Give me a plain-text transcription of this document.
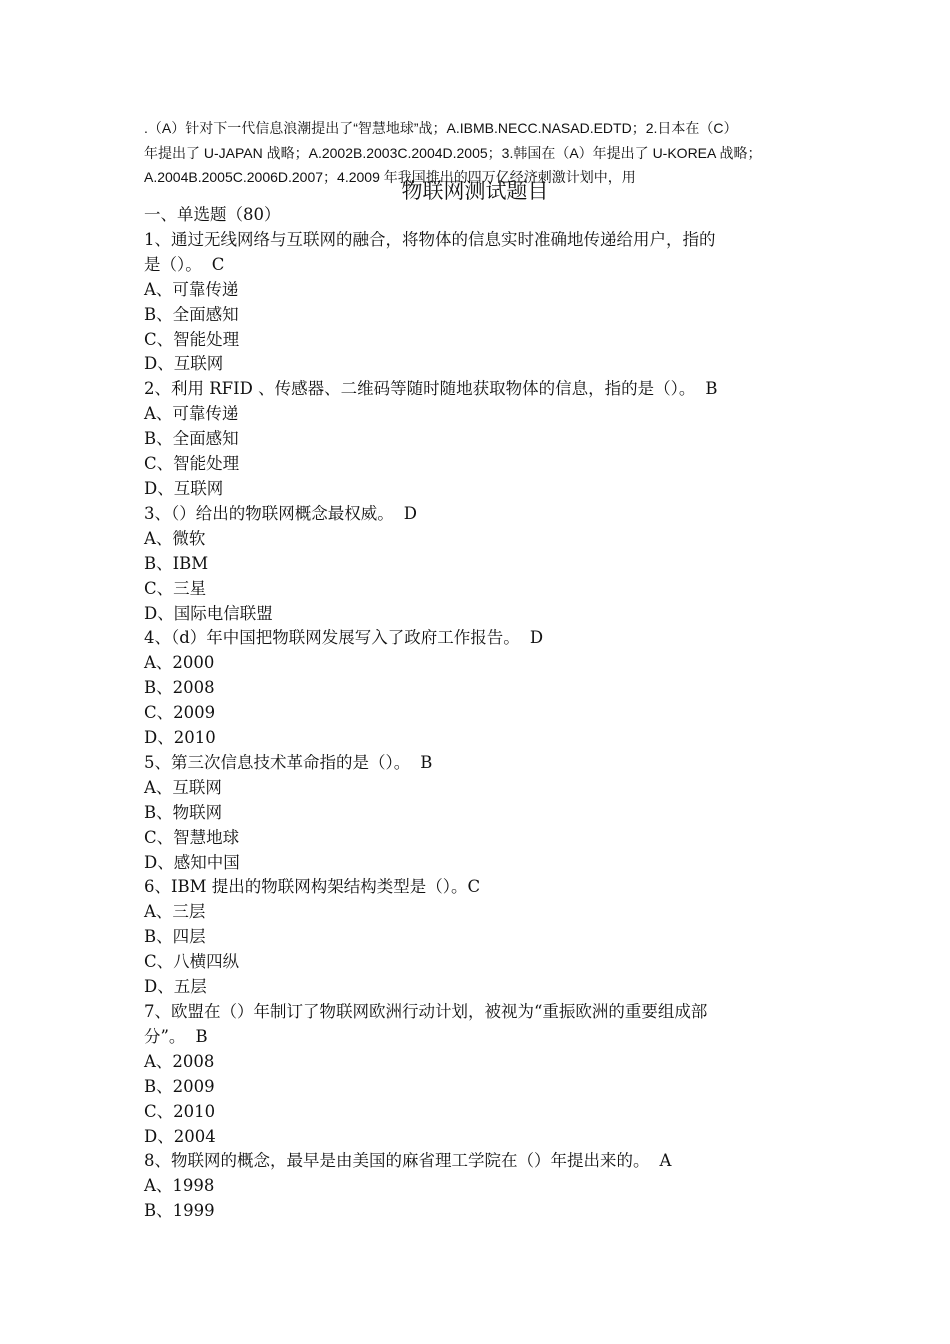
.（A）针对下一代信息浪潮提出了“智慧地球”战；A.IBMB.NECC.NASAD.EDTD；2.日本在（C）
年提出了 U-JAPAN 战略；A.2002B.2003C.2004D.2005；3.韩国在（A）年提出了 U-KOREA 战略；
A.2004B.2005C.2006D.2007；4.2009 年我国推出的四万亿经济刺激计划中，用
物联网测试题目
一、单选题（80）
1、通过无线网络与互联网的融合，将物体的信息实时准确地传递给用户，指的
是（）。 C
A、可靠传递
B、全面感知
C、智能处理
D、互联网
2、利用 RFID 、传感器、二维码等随时随地获取物体的信息，指的是（）。 B
A、可靠传递
B、全面感知
C、智能处理
D、互联网
3、（）给出的物联网概念最权威。 D
A、微软
B、IBM
C、三星
D、国际电信联盟
4、（d）年中国把物联网发展写入了政府工作报告。 D
A、2000
B、2008
C、2009
D、2010
5、第三次信息技术革命指的是（）。 B
A、互联网
B、物联网
C、智慧地球
D、感知中国
6、IBM 提出的物联网构架结构类型是（）。C
A、三层
B、四层
C、八横四纵
D、五层
7、欧盟在（）年制订了物联网欧洲行动计划，被视为“重振欧洲的重要组成部
分”。 B
A、2008
B、2009
C、2010
D、2004
8、物联网的概念，最早是由美国的麻省理工学院在（）年提出来的。 A
A、1998
B、1999
